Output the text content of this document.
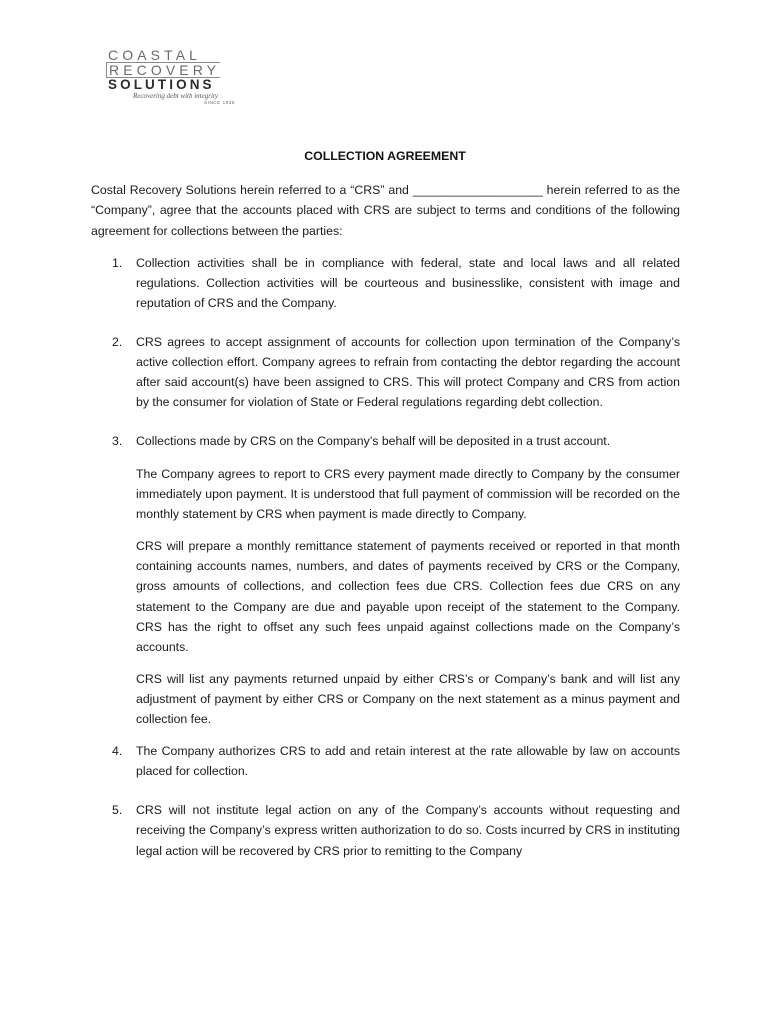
COASTAL
RECOVERY
SOLUTIONS
Recovering debt with integrity
SINCE 1936
COLLECTION AGREEMENT

Costal Recovery Solutions herein referred to a “CRS” and ___________________ herein referred to as the “Company”, agree that the accounts placed with CRS are subject to terms and conditions of the following agreement for collections between the parties:

1. Collection activities shall be in compliance with federal, state and local laws and all related regulations. Collection activities will be courteous and businesslike, consistent with image and reputation of CRS and the Company.

2. CRS agrees to accept assignment of accounts for collection upon termination of the Company’s active collection effort. Company agrees to refrain from contacting the debtor regarding the account after said account(s) have been assigned to CRS. This will protect Company and CRS from action by the consumer for violation of State or Federal regulations regarding debt collection.

3. Collections made by CRS on the Company’s behalf will be deposited in a trust account.

The Company agrees to report to CRS every payment made directly to Company by the consumer immediately upon payment. It is understood that full payment of commission will be recorded on the monthly statement by CRS when payment is made directly to Company.

CRS will prepare a monthly remittance statement of payments received or reported in that month containing accounts names, numbers, and dates of payments received by CRS or the Company, gross amounts of collections, and collection fees due CRS. Collection fees due CRS on any statement to the Company are due and payable upon receipt of the statement to the Company. CRS has the right to offset any such fees unpaid against collections made on the Company’s accounts.

CRS will list any payments returned unpaid by either CRS’s or Company’s bank and will list any adjustment of payment by either CRS or Company on the next statement as a minus payment and collection fee.

4. The Company authorizes CRS to add and retain interest at the rate allowable by law on accounts placed for collection.

5. CRS will not institute legal action on any of the Company’s accounts without requesting and receiving the Company’s express written authorization to do so. Costs incurred by CRS in instituting legal action will be recovered by CRS prior to remitting to the Company
